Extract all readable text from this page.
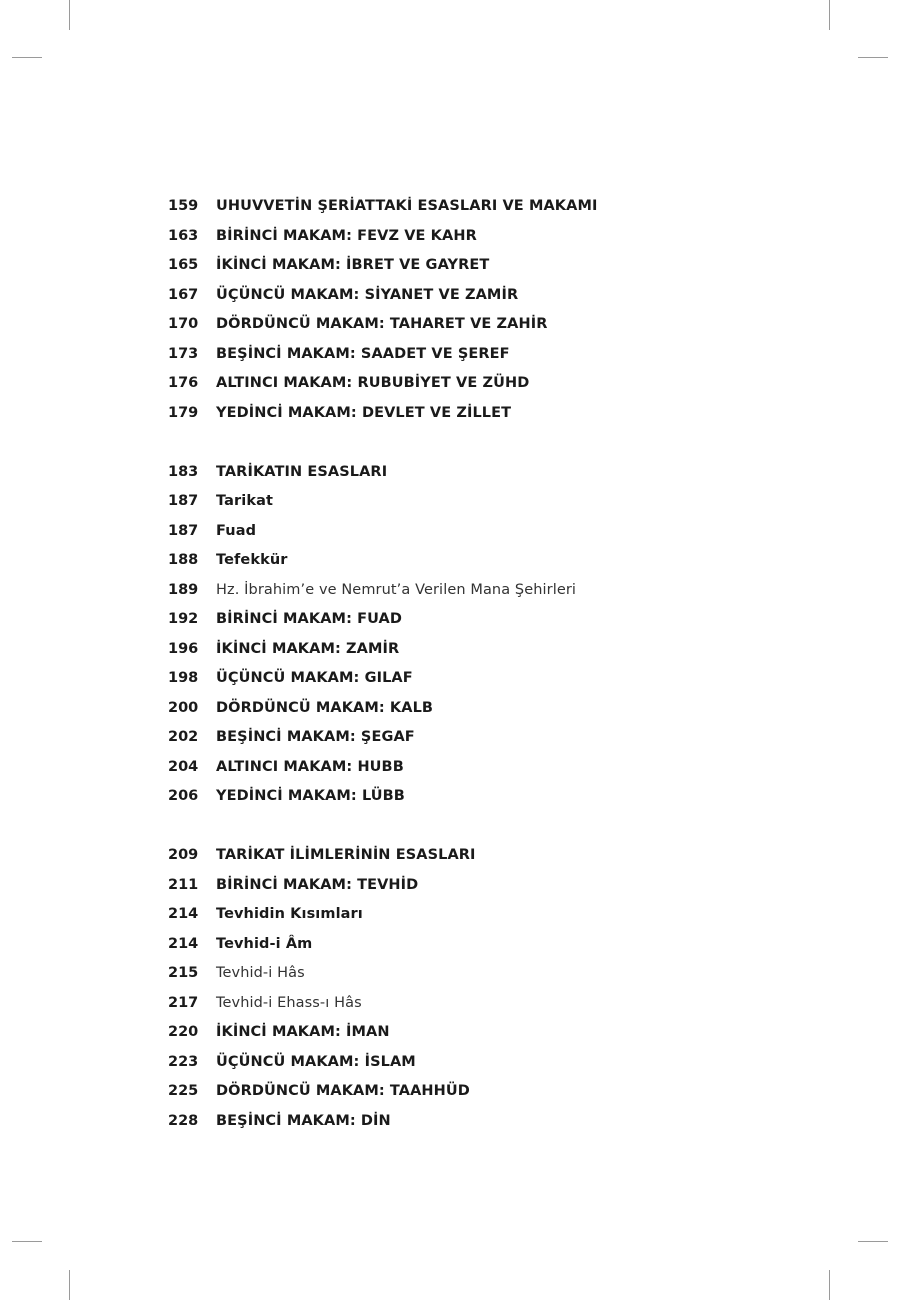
159	UHUVVETİN ŞERİATTAKİ ESASLARI VE MAKAMI
163	BİRİNCİ MAKAM: FEVZ VE KAHR
165	İKİNCİ MAKAM: İBRET VE GAYRET
167	ÜÇÜNCÜ MAKAM: SİYANET VE ZAMİR
170	DÖRDÜNCÜ MAKAM: TAHARET VE ZAHİR
173	BEŞİNCİ MAKAM: SAADET VE ŞEREF
176	ALTINCI MAKAM: RUBUBİYET VE ZÜHD
179	YEDİNCİ MAKAM: DEVLET VE ZİLLET
183	TARİKATIN ESASLARI
187	Tarikat
187	Fuad
188	Tefekkür
189	Hz. İbrahim’e ve Nemrut’a Verilen Mana Şehirleri
192	BİRİNCİ MAKAM: FUAD
196	İKİNCİ MAKAM: ZAMİR
198	ÜÇÜNCÜ MAKAM: GILAF
200	DÖRDÜNCÜ MAKAM: KALB
202	BEŞİNCİ MAKAM: ŞEGAF
204	ALTINCI MAKAM: HUBB
206	YEDİNCİ MAKAM: LÜBB
209	TARİKAT İLİMLERİNİN ESASLARI
211	BİRİNCİ MAKAM: TEVHİD
214	Tevhidin Kısımları
214	Tevhid-i Âm
215	Tevhid-i Hâs
217	Tevhid-i Ehass-ı Hâs
220	İKİNCİ MAKAM: İMAN
223	ÜÇÜNCÜ MAKAM: İSLAM
225	DÖRDÜNCÜ MAKAM: TAAHHÜD
228	BEŞİNCİ MAKAM: DİN
